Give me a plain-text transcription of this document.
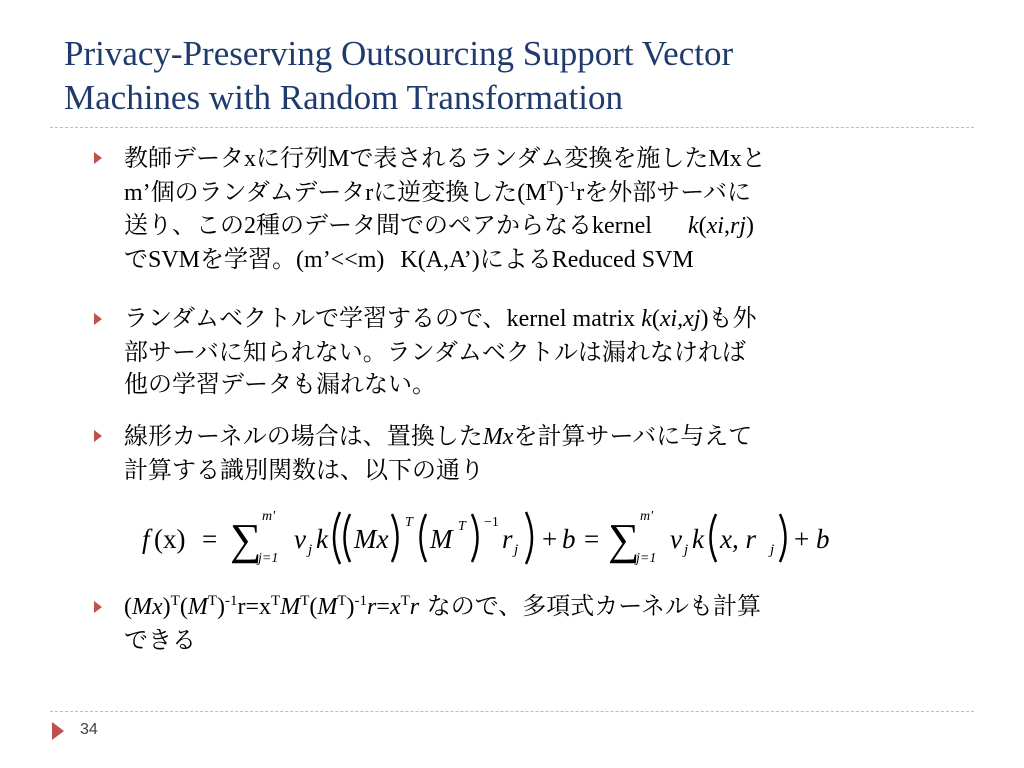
Privacy-Preserving Outsourcing Support Vector
Machines with Random Transformation
教師データxに行列Mで表されるランダム変換を施したMxと
m’個のランダムデータrに逆変換した$(M^T)^{-1}r$を外部サーバに
送り、この2種のデータ間でのペアからなるkernel k(xi,rj)
でSVMを学習。(m’<<m) K(A,A’)によるReduced SVM
ランダムベクトルで学習するので、kernel matrix k(xi,xj)も外
部サーバに知られない。ランダムベクトルは漏れなければ
他の学習データも漏れない。
線形カーネルの場合は、置換したMxを計算サーバに与えて
計算する識別関数は、以下の通り
f (x) = ∑ m'
j=1
v j k Mx
T
M T −1
r j + b = ∑ m'
j=1
v j k x, r j + b
$(Mx)^T(M^T)^{-1}r=x^TM^T(M^T)^{-1}r=x^Tr$ なので、多項式カーネルも計算
できる
34
